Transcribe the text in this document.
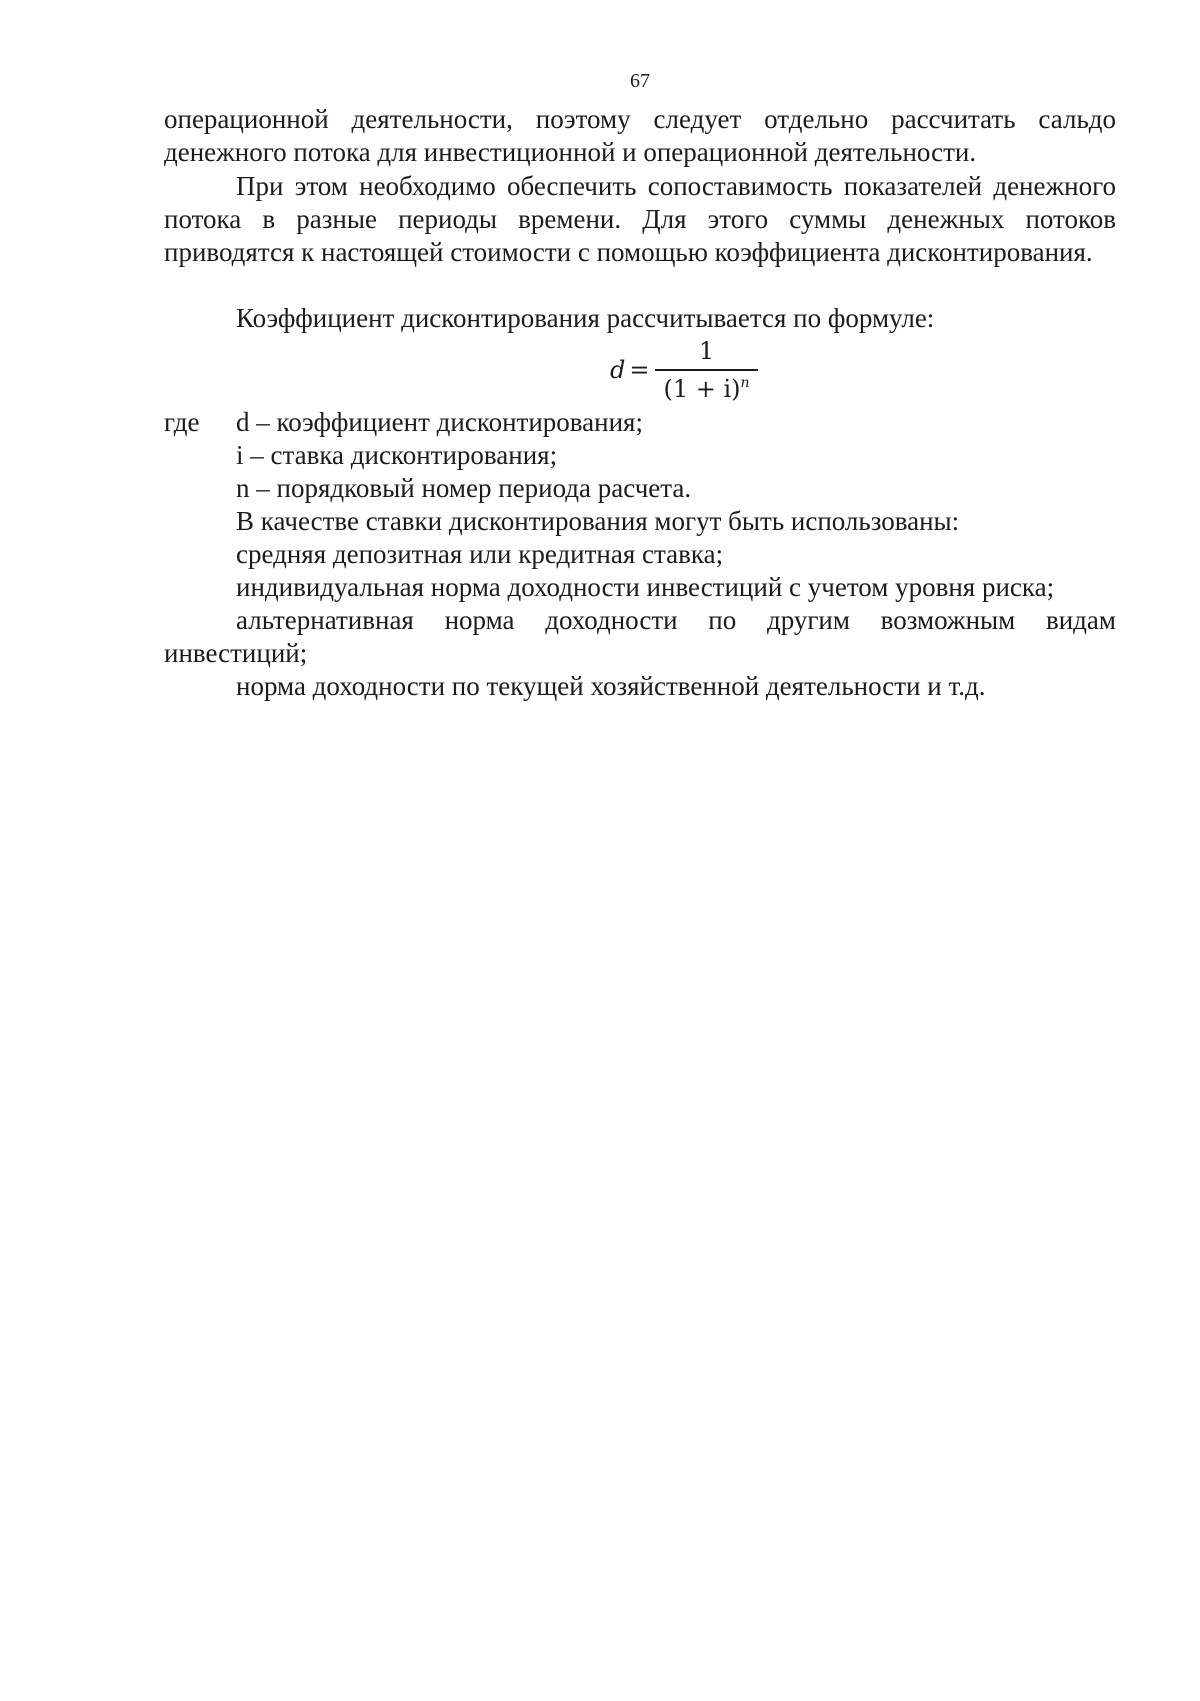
67

операционной деятельности, поэтому следует отдельно рассчитать сальдо денежного потока для инвестиционной и операционной деятельности.

При этом необходимо обеспечить сопоставимость показателей денежного потока в разные периоды времени. Для этого суммы денежных потоков приводятся к настоящей стоимости с помощью коэффициента дисконтирования.

Коэффициент дисконтирования рассчитывается по формуле:

$d = \frac{1}{(1 + i)^n}$
где d – коэффициент дисконтирования;
i – ставка дисконтирования;
n – порядковый номер периода расчета.

В качестве ставки дисконтирования могут быть использованы:

средняя депозитная или кредитная ставка;

индивидуальная норма доходности инвестиций с учетом уровня риска;

альтернативная норма доходности по другим возможным видам инвестиций;

норма доходности по текущей хозяйственной деятельности и т.д.
